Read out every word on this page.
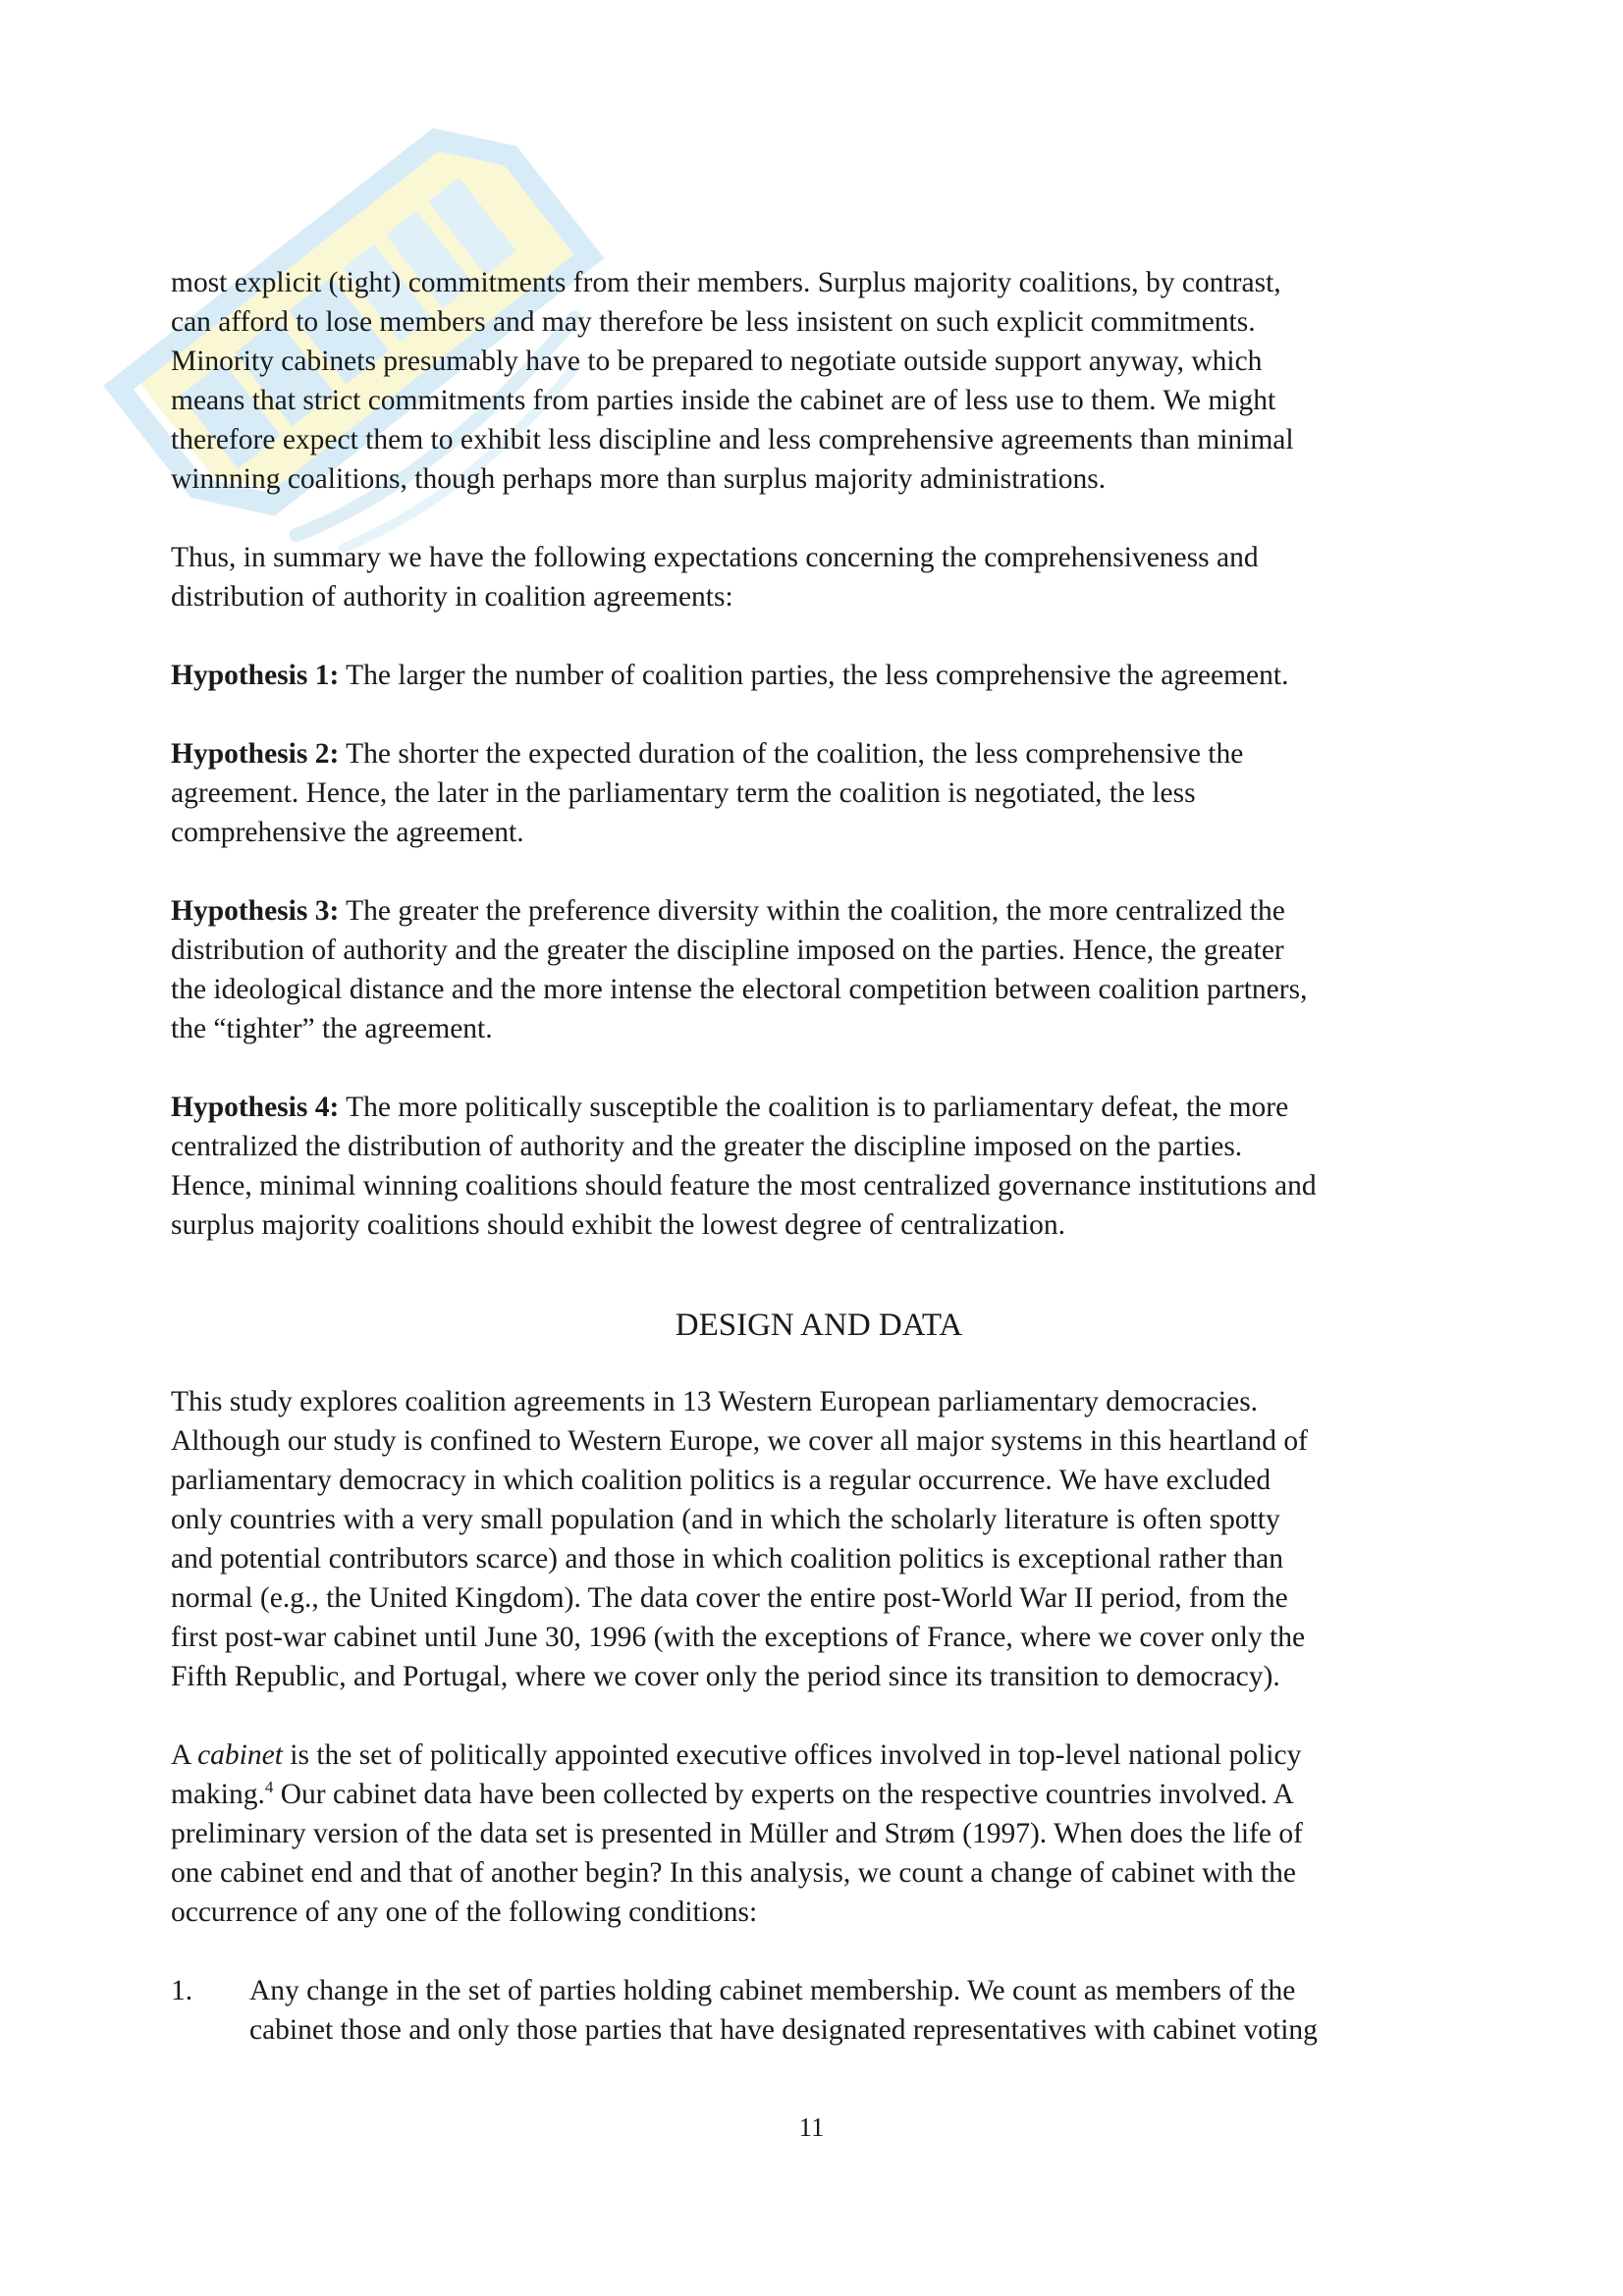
most explicit (tight) commitments from their members. Surplus majority coalitions, by contrast,
can afford to lose members and may therefore be less insistent on such explicit commitments.
Minority cabinets presumably have to be prepared to negotiate outside support anyway, which
means that strict commitments from parties inside the cabinet are of less use to them. We might
therefore expect them to exhibit less discipline and less comprehensive agreements than minimal
winnning coalitions, though perhaps more than surplus majority administrations.

Thus, in summary we have the following expectations concerning the comprehensiveness and
distribution of authority in coalition agreements:

Hypothesis 1: The larger the number of coalition parties, the less comprehensive the agreement.

Hypothesis 2: The shorter the expected duration of the coalition, the less comprehensive the
agreement. Hence, the later in the parliamentary term the coalition is negotiated, the less
comprehensive the agreement.

Hypothesis 3: The greater the preference diversity within the coalition, the more centralized the
distribution of authority and the greater the discipline imposed on the parties. Hence, the greater
the ideological distance and the more intense the electoral competition between coalition partners,
the “tighter” the agreement.

Hypothesis 4: The more politically susceptible the coalition is to parliamentary defeat, the more
centralized the distribution of authority and the greater the discipline imposed on the parties.
Hence, minimal winning coalitions should feature the most centralized governance institutions and
surplus majority coalitions should exhibit the lowest degree of centralization.

DESIGN AND DATA

This study explores coalition agreements in 13 Western European parliamentary democracies.
Although our study is confined to Western Europe, we cover all major systems in this heartland of
parliamentary democracy in which coalition politics is a regular occurrence. We have excluded
only countries with a very small population (and in which the scholarly literature is often spotty
and potential contributors scarce) and those in which coalition politics is exceptional rather than
normal (e.g., the United Kingdom). The data cover the entire post-World War II period, from the
first post-war cabinet until June 30, 1996 (with the exceptions of France, where we cover only the
Fifth Republic, and Portugal, where we cover only the period since its transition to democracy).

A cabinet is the set of politically appointed executive offices involved in top-level national policy
making.$^4$ Our cabinet data have been collected by experts on the respective countries involved. A
preliminary version of the data set is presented in Müller and Strøm (1997). When does the life of
one cabinet end and that of another begin? In this analysis, we count a change of cabinet with the
occurrence of any one of the following conditions:

1.	Any change in the set of parties holding cabinet membership. We count as members of the
cabinet those and only those parties that have designated representatives with cabinet voting
11
